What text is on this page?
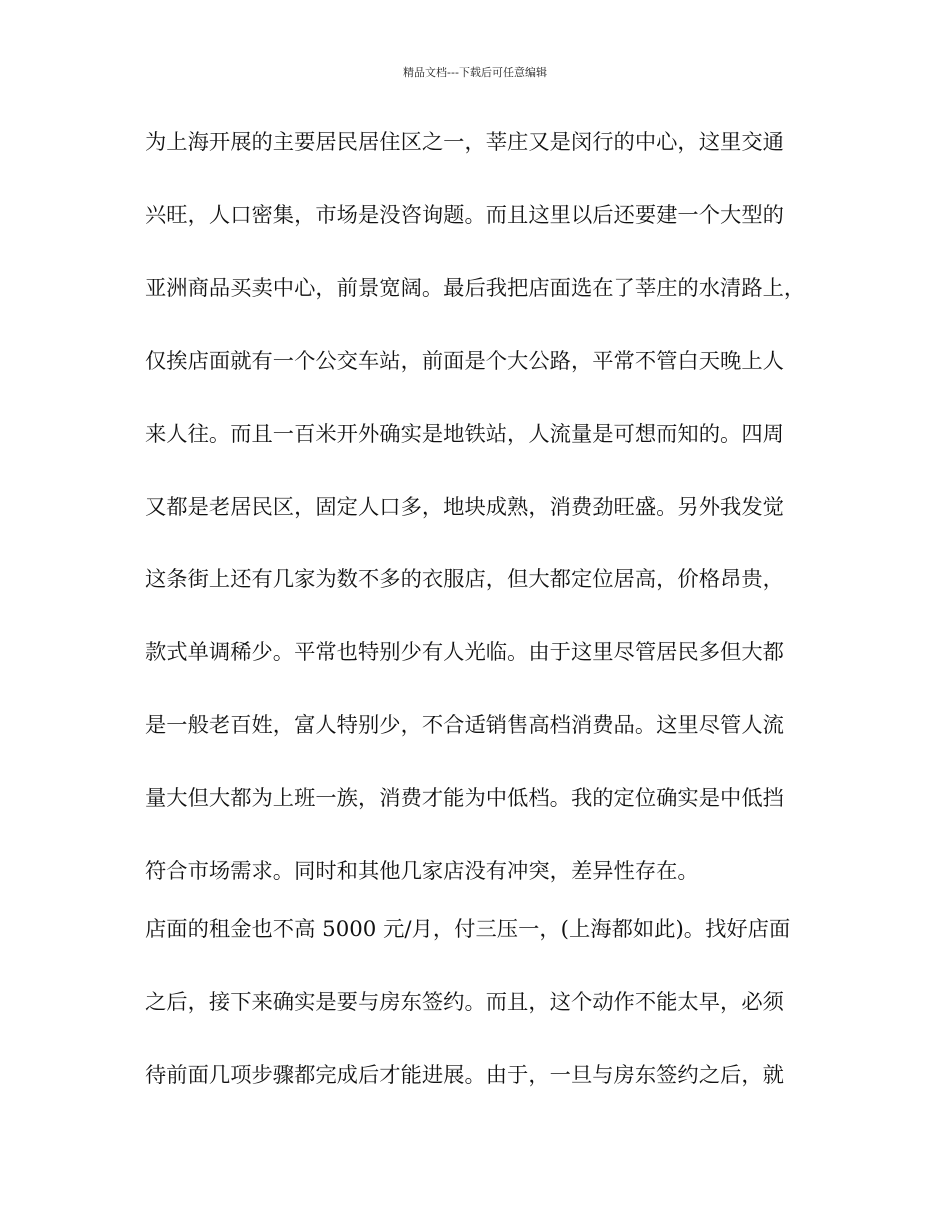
精品文档---下载后可任意编辑
为上海开展的主要居民居住区之一，莘庄又是闵行的中心，这里交通
兴旺，人口密集，市场是没咨询题。而且这里以后还要建一个大型的
亚洲商品买卖中心，前景宽阔。最后我把店面选在了莘庄的水清路上，
仅挨店面就有一个公交车站，前面是个大公路，平常不管白天晚上人
来人往。而且一百米开外确实是地铁站，人流量是可想而知的。四周
又都是老居民区，固定人口多，地块成熟，消费劲旺盛。另外我发觉
这条街上还有几家为数不多的衣服店，但大都定位居高，价格昂贵，
款式单调稀少。平常也特别少有人光临。由于这里尽管居民多但大都
是一般老百姓，富人特别少，不合适销售高档消费品。这里尽管人流
量大但大都为上班一族，消费才能为中低档。我的定位确实是中低挡
符合市场需求。同时和其他几家店没有冲突，差异性存在。
店面的租金也不高 5000 元/月，付三压一，(上海都如此)。找好店面
之后，接下来确实是要与房东签约。而且，这个动作不能太早，必须
待前面几项步骤都完成后才能进展。由于，一旦与房东签约之后，就
